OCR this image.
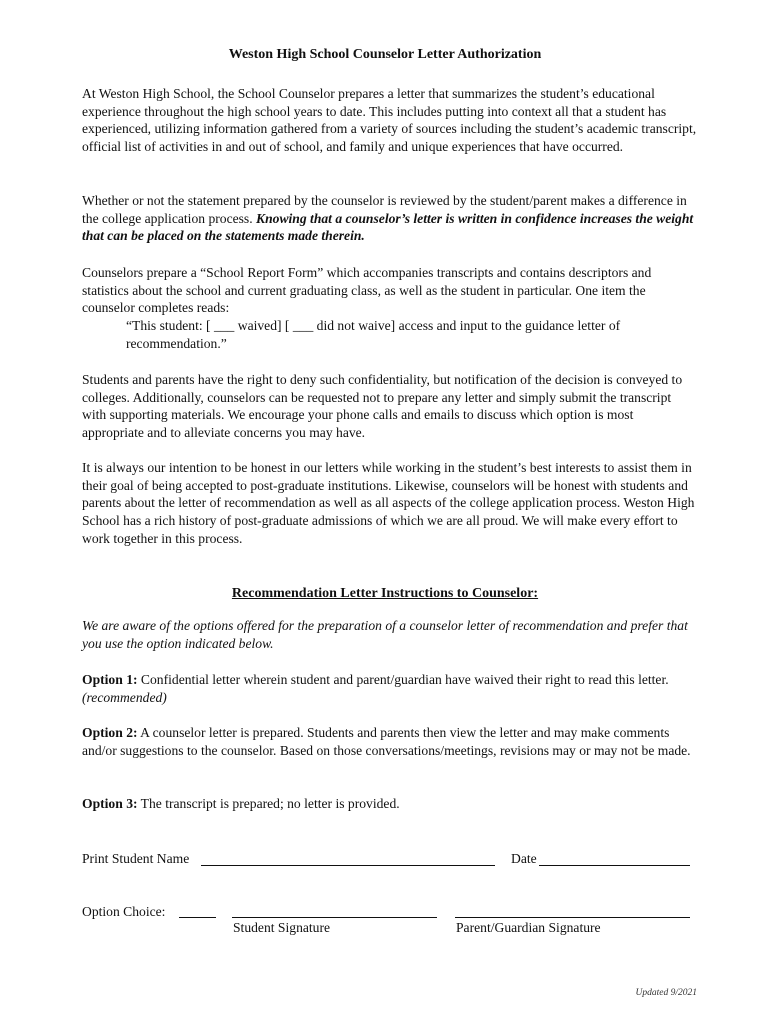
Weston High School Counselor Letter Authorization

At Weston High School, the School Counselor prepares a letter that summarizes the student’s educational experience throughout the high school years to date. This includes putting into context all that a student has experienced, utilizing information gathered from a variety of sources including the student’s academic transcript, official list of activities in and out of school, and family and unique experiences that have occurred.

Whether or not the statement prepared by the counselor is reviewed by the student/parent makes a difference in the college application process. Knowing that a counselor’s letter is written in confidence increases the weight that can be placed on the statements made therein.

Counselors prepare a “School Report Form” which accompanies transcripts and contains descriptors and statistics about the school and current graduating class, as well as the student in particular. One item the counselor completes reads:

“This student: [ ___ waived] [ ___ did not waive] access and input to the guidance letter of recommendation.”

Students and parents have the right to deny such confidentiality, but notification of the decision is conveyed to colleges. Additionally, counselors can be requested not to prepare any letter and simply submit the transcript with supporting materials. We encourage your phone calls and emails to discuss which option is most appropriate and to alleviate concerns you may have.

It is always our intention to be honest in our letters while working in the student’s best interests to assist them in their goal of being accepted to post-graduate institutions. Likewise, counselors will be honest with students and parents about the letter of recommendation as well as all aspects of the college application process. Weston High School has a rich history of post-graduate admissions of which we are all proud. We will make every effort to work together in this process.

Recommendation Letter Instructions to Counselor:

We are aware of the options offered for the preparation of a counselor letter of recommendation and prefer that you use the option indicated below.

Option 1: Confidential letter wherein student and parent/guardian have waived their right to read this letter. (recommended)

Option 2: A counselor letter is prepared. Students and parents then view the letter and may make comments and/or suggestions to the counselor. Based on those conversations/meetings, revisions may or may not be made.

Option 3: The transcript is prepared; no letter is provided.

Print Student Name	Date
Option Choice:
Student Signature	Parent/Guardian Signature
Updated 9/2021
